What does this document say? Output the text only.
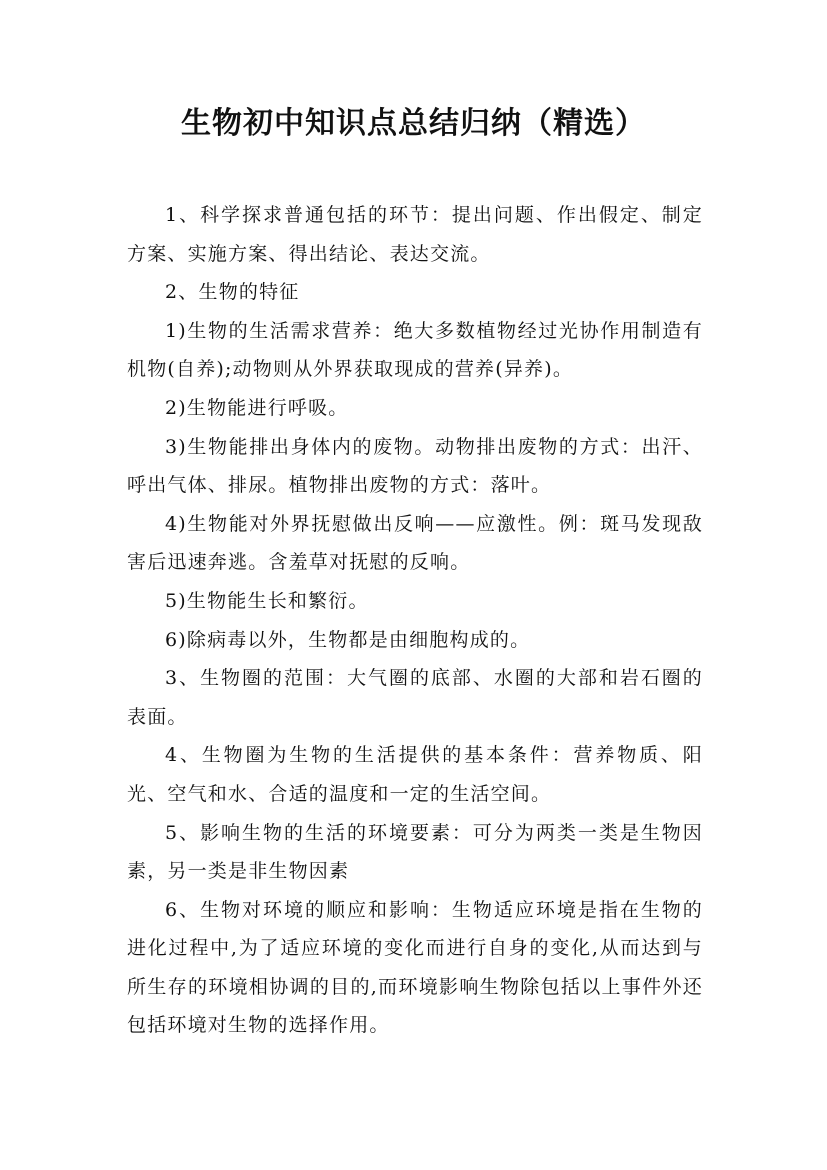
生物初中知识点总结归纳（精选）

1、科学探求普通包括的环节：提出问题、作出假定、制定方案、实施方案、得出结论、表达交流。

2、生物的特征

1)生物的生活需求营养：绝大多数植物经过光协作用制造有机物(自养);动物则从外界获取现成的营养(异养)。

2)生物能进行呼吸。

3)生物能排出身体内的废物。动物排出废物的方式：出汗、呼出气体、排尿。植物排出废物的方式：落叶。

4)生物能对外界抚慰做出反响——应激性。例：斑马发现敌害后迅速奔逃。含羞草对抚慰的反响。

5)生物能生长和繁衍。

6)除病毒以外，生物都是由细胞构成的。

3、生物圈的范围：大气圈的底部、水圈的大部和岩石圈的表面。

4、生物圈为生物的生活提供的基本条件：营养物质、阳光、空气和水、合适的温度和一定的生活空间。

5、影响生物的生活的环境要素：可分为两类一类是生物因素，另一类是非生物因素

6、生物对环境的顺应和影响：生物适应环境是指在生物的进化过程中,为了适应环境的变化而进行自身的变化,从而达到与所生存的环境相协调的目的,而环境影响生物除包括以上事件外还包括环境对生物的选择作用。
